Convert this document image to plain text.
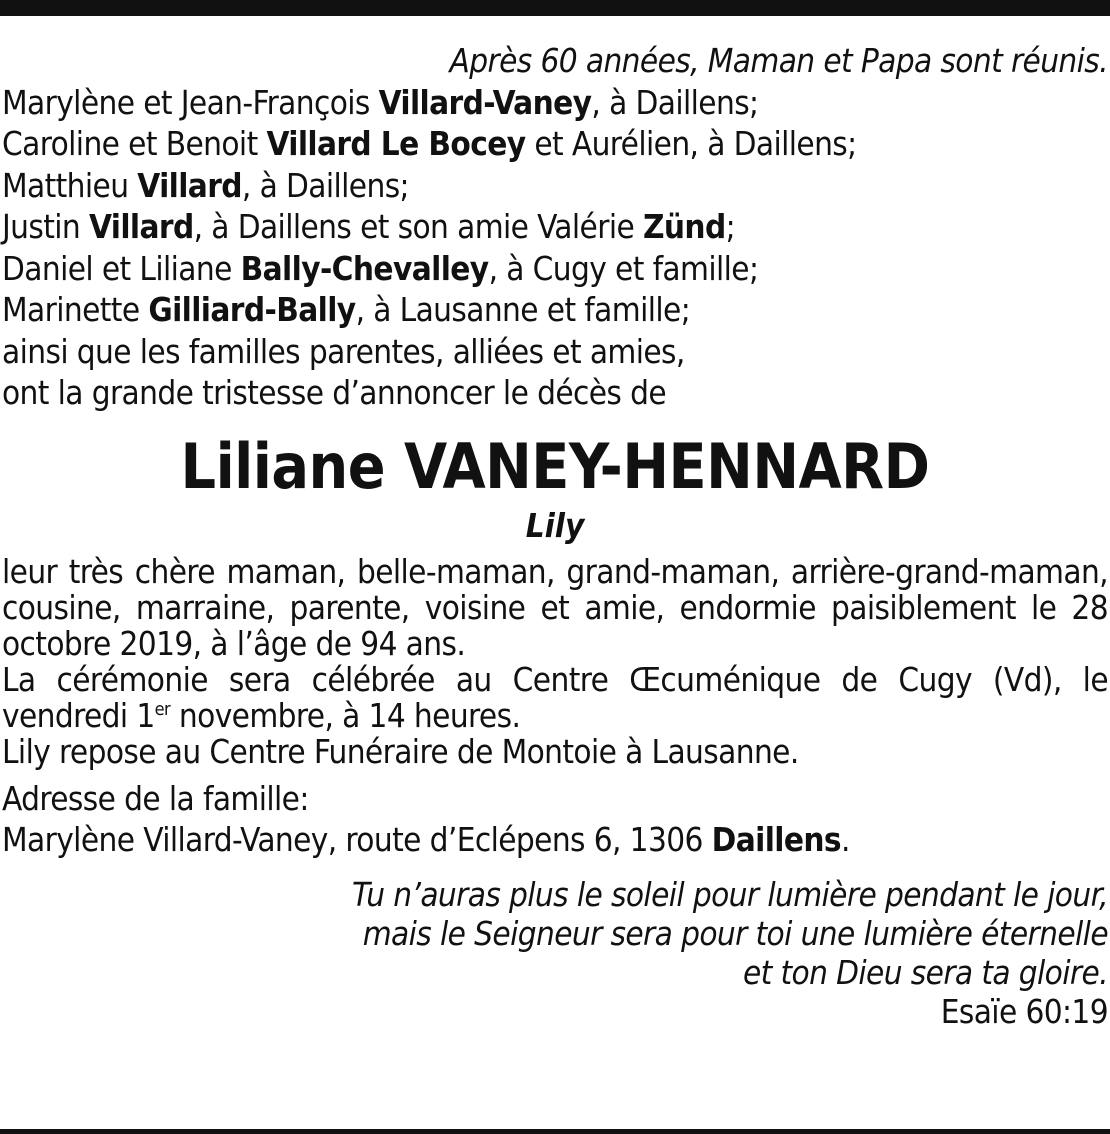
Après 60 années, Maman et Papa sont réunis.
Marylène et Jean-François Villard-Vaney, à Daillens;
Caroline et Benoit Villard Le Bocey et Aurélien, à Daillens;
Matthieu Villard, à Daillens;
Justin Villard, à Daillens et son amie Valérie Zünd;
Daniel et Liliane Bally-Chevalley, à Cugy et famille;
Marinette Gilliard-Bally, à Lausanne et famille;
ainsi que les familles parentes, alliées et amies,
ont la grande tristesse d’annoncer le décès de
Liliane VANEY-HENNARD
Lily

leur très chère maman, belle-maman, grand-maman, arrière-grand-maman, cousine, marraine, parente, voisine et amie, endormie paisiblement le 28 octobre 2019, à l’âge de 94 ans.

La cérémonie sera célébrée au Centre Œcuménique de Cugy (Vd), le vendredi 1er novembre, à 14 heures.

Lily repose au Centre Funéraire de Montoie à Lausanne.

Adresse de la famille:
Marylène Villard-Vaney, route d’Eclépens 6, 1306 Daillens.
Tu n’auras plus le soleil pour lumière pendant le jour,
mais le Seigneur sera pour toi une lumière éternelle
et ton Dieu sera ta gloire.
Esaïe 60:19
